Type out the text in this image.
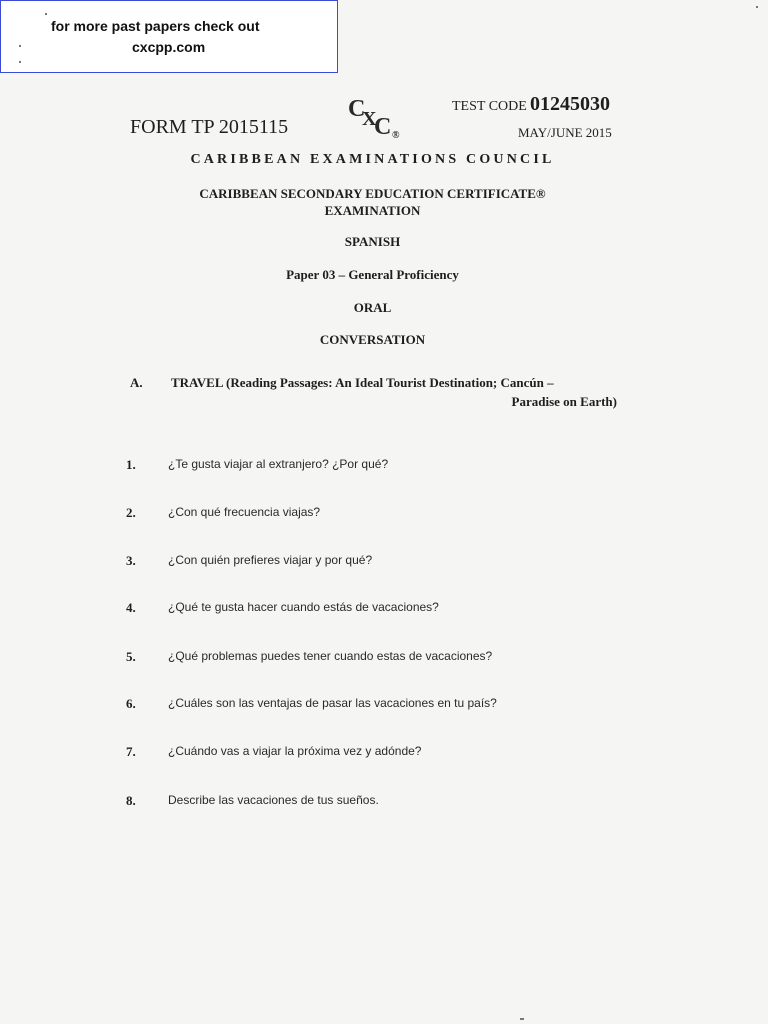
for more past papers check out
cxcpp.com
FORM TP 2015115
C
X
C ®
TEST CODE 01245030
MAY/JUNE 2015
CARIBBEAN EXAMINATIONS COUNCIL
CARIBBEAN SECONDARY EDUCATION CERTIFICATE®
EXAMINATION
SPANISH
Paper 03 – General Proficiency
ORAL
CONVERSATION
A. TRAVEL (Reading Passages: An Ideal Tourist Destination; Cancún –
Paradise on Earth)
1.	¿Te gusta viajar al extranjero? ¿Por qué?
2.	¿Con qué frecuencia viajas?
3.	¿Con quién prefieres viajar y por qué?
4.	¿Qué te gusta hacer cuando estás de vacaciones?
5.	¿Qué problemas puedes tener cuando estas de vacaciones?
6.	¿Cuáles son las ventajas de pasar las vacaciones en tu país?
7.	¿Cuándo vas a viajar la próxima vez y adónde?
8.	Describe las vacaciones de tus sueños.
